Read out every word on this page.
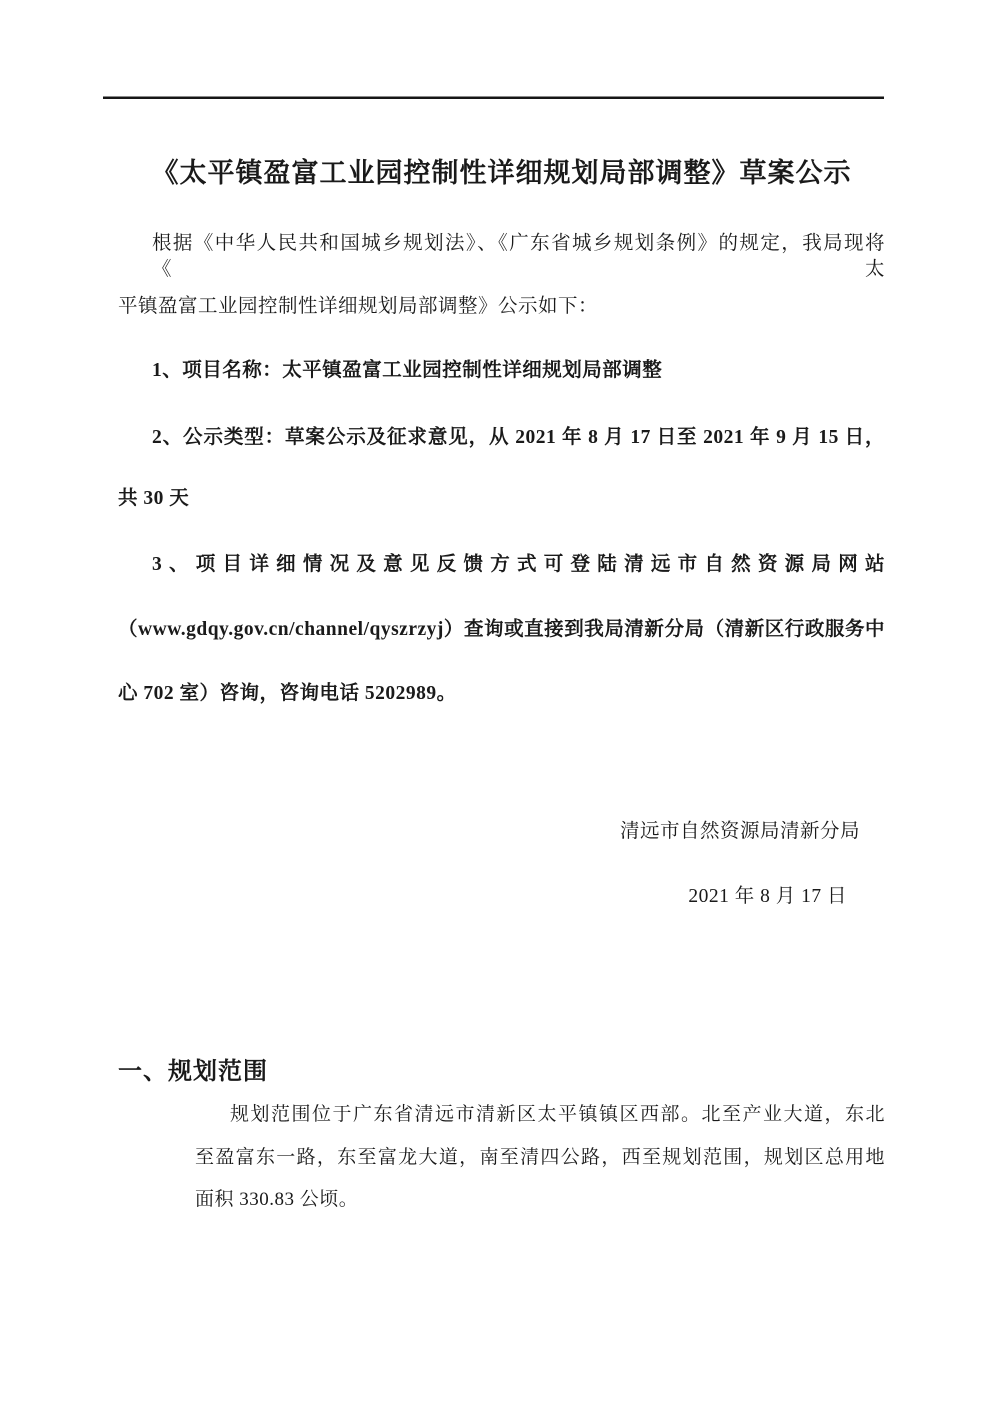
《太平镇盈富工业园控制性详细规划局部调整》草案公示
根据《中华人民共和国城乡规划法》、《广东省城乡规划条例》的规定，我局现将《太
平镇盈富工业园控制性详细规划局部调整》公示如下：
1、项目名称：太平镇盈富工业园控制性详细规划局部调整
2、公示类型：草案公示及征求意见，从 2021 年 8 月 17 日至 2021 年 9 月 15 日，
共 30 天
3、项目详细情况及意见反馈方式可登陆清远市自然资源局网站
（www.gdqy.gov.cn/channel/qyszrzyj）查询或直接到我局清新分局（清新区行政服务中
心 702 室）咨询，咨询电话 5202989。
清远市自然资源局清新分局
2021 年 8 月 17 日
一、规划范围
规划范围位于广东省清远市清新区太平镇镇区西部。北至产业大道，东北
至盈富东一路，东至富龙大道，南至清四公路，西至规划范围，规划区总用地
面积 330.83 公顷。
